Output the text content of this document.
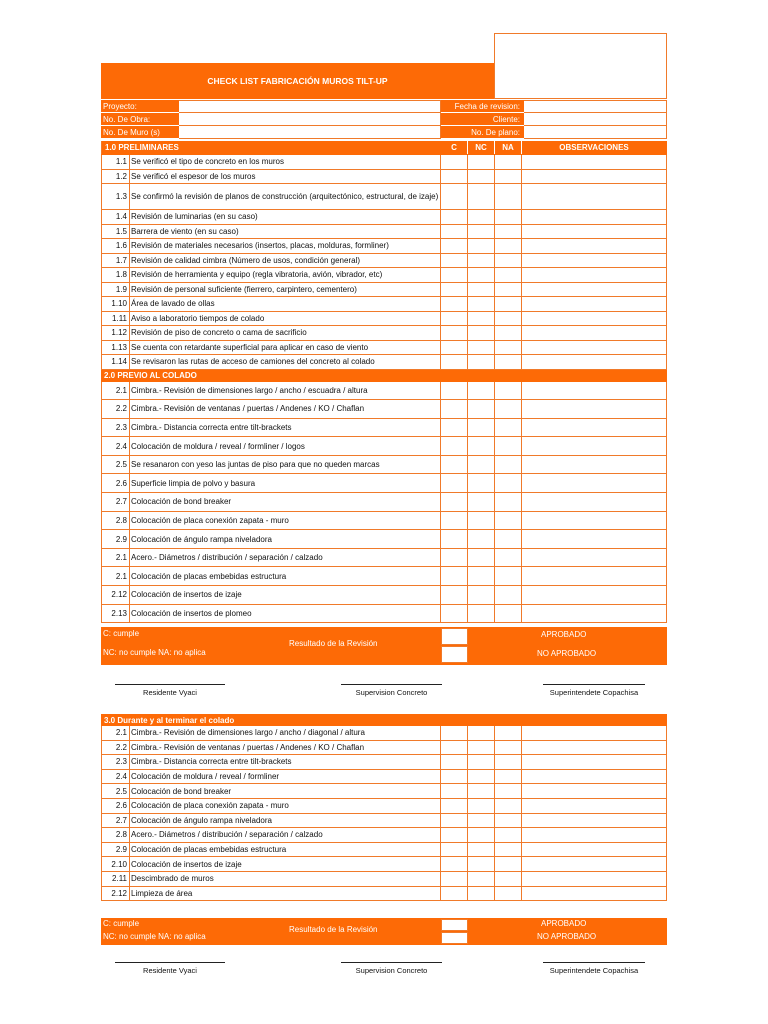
CHECK LIST FABRICACIÓN MUROS TILT-UP
Proyecto:	Fecha de revision:
No. De Obra:	Cliente:
No. De Muro (s)	No. De plano:
1.0 PRELIMINARES	C	NC	NA	OBSERVACIONES
1.1 Se verificó el tipo de concreto en los muros
1.2 Se verificó el espesor de los muros
1.3 Se confirmó la revisión de planos de construcción (arquitectónico, estructural, de izaje)
1.4 Revisión de luminarias (en su caso)
1.5 Barrera de viento (en su caso)
1.6 Revisión de materiales necesarios (insertos, placas, molduras, formliner)
1.7 Revisión de calidad cimbra (Número de usos, condición general)
1.8 Revisión de herramienta y equipo (regla vibratoria, avión, vibrador, etc)
1.9 Revisión de personal suficiente (fierrero, carpintero, cementero)
1.10 Área de lavado de ollas
1.11 Aviso a laboratorio tiempos de colado
1.12 Revisión de piso de concreto o cama de sacrificio
1.13 Se cuenta con retardante superficial para aplicar en caso de viento
1.14 Se revisaron las rutas de acceso de camiones del concreto al colado
2.0 PREVIO AL COLADO
2.1 Cimbra.- Revisión de dimensiones largo / ancho / escuadra / altura
2.2 Cimbra.- Revisión de ventanas / puertas / Andenes / KO / Chaflan
2.3 Cimbra.- Distancia correcta entre tilt-brackets
2.4 Colocación de moldura / reveal / formliner / logos
2.5 Se resanaron con yeso las juntas de piso para que no queden marcas
2.6 Superficie limpia de polvo y basura
2.7 Colocación de bond breaker
2.8 Colocación de placa conexión zapata - muro
2.9 Colocación de ángulo rampa niveladora
2.1 Acero.- Diámetros / distribución / separación / calzado
2.1 Colocación de placas embebidas estructura
2.12 Colocación de insertos de izaje
2.13 Colocación de insertos de plomeo
C: cumple
NC: no cumple NA: no aplica
Resultado de la Revisión
APROBADO
NO APROBADO
Residente Vyaci	Supervision Concreto	Superintendete Copachisa
3.0 Durante y al terminar el colado
2.1 Cimbra.- Revisión de dimensiones largo / ancho / diagonal / altura
2.2 Cimbra.- Revisión de ventanas / puertas / Andenes / KO / Chaflan
2.3 Cimbra.- Distancia correcta entre tilt-brackets
2.4 Colocación de moldura / reveal / formliner
2.5 Colocación de bond breaker
2.6 Colocación de placa conexión zapata - muro
2.7 Colocación de ángulo rampa niveladora
2.8 Acero.- Diámetros / distribución / separación / calzado
2.9 Colocación de placas embebidas estructura
2.10 Colocación de insertos de izaje
2.11 Descimbrado de muros
2.12 Limpieza de área
C: cumple
NC: no cumple NA: no aplica
Resultado de la Revisión
APROBADO
NO APROBADO
Residente Vyaci	Supervision Concreto	Superintendete Copachisa
